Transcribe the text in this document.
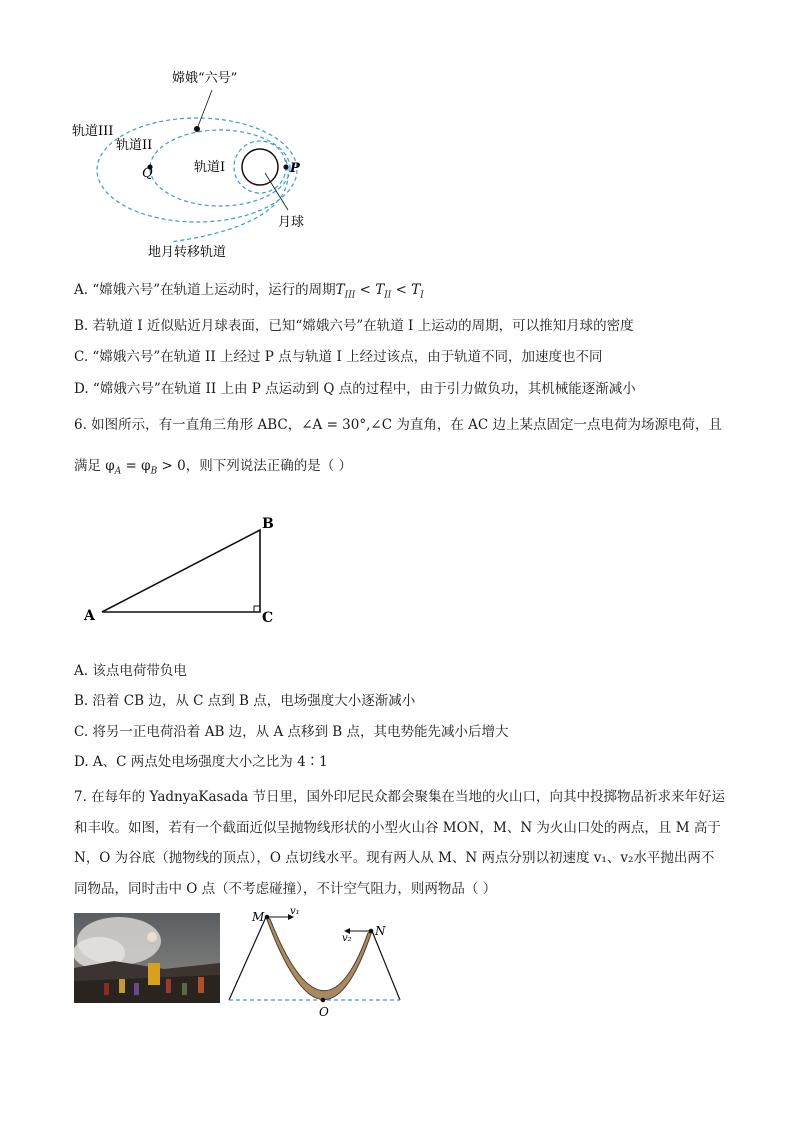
嫦娥“六号”
轨道III
轨道II
轨道I
Q	P
月球
地月转移轨道
A. “嫦娥六号”在轨道上运动时，运行的周期$T_{III} < T_{II} < T_I$
B. 若轨道 I 近似贴近月球表面，已知“嫦娥六号”在轨道 I 上运动的周期，可以推知月球的密度
C. “嫦娥六号”在轨道 II 上经过 P 点与轨道 I 上经过该点，由于轨道不同，加速度也不同
D. “嫦娥六号”在轨道 II 上由 P 点运动到 Q 点的过程中，由于引力做负功，其机械能逐渐减小
6. 如图所示，有一直角三角形 ABC，∠A = 30°,∠C 为直角，在 AC 边上某点固定一点电荷为场源电荷，且
满足 $\varphi_A = \varphi_B > 0$，则下列说法正确的是（ ）
A
B
C
A. 该点电荷带负电
B. 沿着 CB 边，从 C 点到 B 点，电场强度大小逐渐减小
C. 将另一正电荷沿着 AB 边，从 A 点移到 B 点，其电势能先减小后增大
D. A、C 两点处电场强度大小之比为 4∶1
7. 在每年的 YadnyaKasada 节日里，国外印尼民众都会聚集在当地的火山口，向其中投掷物品祈求来年好运
和丰收。如图，若有一个截面近似呈抛物线形状的小型火山谷 MON，M、N 为火山口处的两点，且 M 高于
N，O 为谷底（抛物线的顶点），O 点切线水平。现有两人从 M、N 两点分别以初速度 v₁、v₂水平抛出两不
同物品，同时击中 O 点（不考虑碰撞），不计空气阻力，则两物品（ ）
M
N
O
v₁
v₂
